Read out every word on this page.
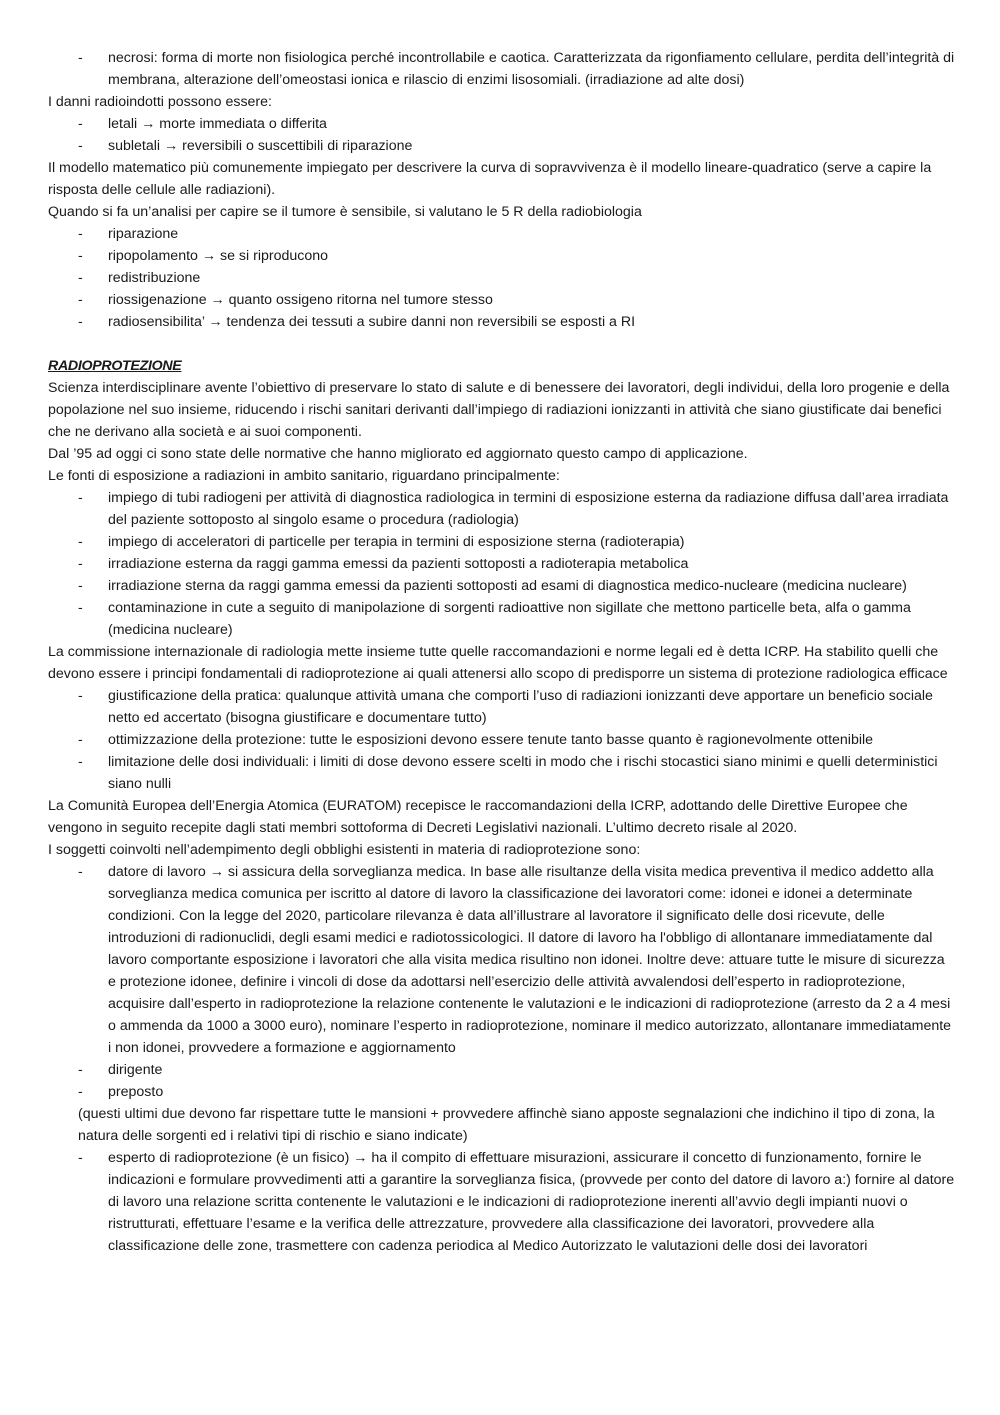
- necrosi: forma di morte non fisiologica perché incontrollabile e caotica. Caratterizzata da rigonfiamento cellulare, perdita dell’integrità di membrana, alterazione dell’omeostasi ionica e rilascio di enzimi lisosomiali. (irradiazione ad alte dosi)

I danni radioindotti possono essere:

- letali → morte immediata o differita
- subletali → reversibili o suscettibili di riparazione

Il modello matematico più comunemente impiegato per descrivere la curva di sopravvivenza è il modello lineare-quadratico (serve a capire la risposta delle cellule alle radiazioni).

Quando si fa un’analisi per capire se il tumore è sensibile, si valutano le 5 R della radiobiologia

- riparazione
- ripopolamento → se si riproducono
- redistribuzione
- riossigenazione → quanto ossigeno ritorna nel tumore stesso
- radiosensibilita’ → tendenza dei tessuti a subire danni non reversibili se esposti a RI

RADIOPROTEZIONE

Scienza interdisciplinare avente l’obiettivo di preservare lo stato di salute e di benessere dei lavoratori, degli individui, della loro progenie e della popolazione nel suo insieme, riducendo i rischi sanitari derivanti dall’impiego di radiazioni ionizzanti in attività che siano giustificate dai benefici che ne derivano alla società e ai suoi componenti.

Dal ’95 ad oggi ci sono state delle normative che hanno migliorato ed aggiornato questo campo di applicazione.

Le fonti di esposizione a radiazioni in ambito sanitario, riguardano principalmente:

- impiego di tubi radiogeni per attività di diagnostica radiologica in termini di esposizione esterna da radiazione diffusa dall’area irradiata del paziente sottoposto al singolo esame o procedura (radiologia)
- impiego di acceleratori di particelle per terapia in termini di esposizione sterna (radioterapia)
- irradiazione esterna da raggi gamma emessi da pazienti sottoposti a radioterapia metabolica
- irradiazione sterna da raggi gamma emessi da pazienti sottoposti ad esami di diagnostica medico-nucleare (medicina nucleare)
- contaminazione in cute a seguito di manipolazione di sorgenti radioattive non sigillate che mettono particelle beta, alfa o gamma (medicina nucleare)

La commissione internazionale di radiologia mette insieme tutte quelle raccomandazioni e norme legali ed è detta ICRP. Ha stabilito quelli che devono essere i principi fondamentali di radioprotezione ai quali attenersi allo scopo di predisporre un sistema di protezione radiologica efficace

- giustificazione della pratica: qualunque attività umana che comporti l’uso di radiazioni ionizzanti deve apportare un beneficio sociale netto ed accertato (bisogna giustificare e documentare tutto)
- ottimizzazione della protezione: tutte le esposizioni devono essere tenute tanto basse quanto è ragionevolmente ottenibile
- limitazione delle dosi individuali: i limiti di dose devono essere scelti in modo che i rischi stocastici siano minimi e quelli deterministici siano nulli

La Comunità Europea dell’Energia Atomica (EURATOM) recepisce le raccomandazioni della ICRP, adottando delle Direttive Europee che vengono in seguito recepite dagli stati membri sottoforma di Decreti Legislativi nazionali. L’ultimo decreto risale al 2020.

I soggetti coinvolti nell’adempimento degli obblighi esistenti in materia di radioprotezione sono:

- datore di lavoro → si assicura della sorveglianza medica. In base alle risultanze della visita medica preventiva il medico addetto alla sorveglianza medica comunica per iscritto al datore di lavoro la classificazione dei lavoratori come: idonei e idonei a determinate condizioni. Con la legge del 2020, particolare rilevanza è data all’illustrare al lavoratore il significato delle dosi ricevute, delle introduzioni di radionuclidi, degli esami medici e radiotossicologici. Il datore di lavoro ha l'obbligo di allontanare immediatamente dal lavoro comportante esposizione i lavoratori che alla visita medica risultino non idonei. Inoltre deve: attuare tutte le misure di sicurezza e protezione idonee, definire i vincoli di dose da adottarsi nell’esercizio delle attività avvalendosi dell’esperto in radioprotezione, acquisire dall’esperto in radioprotezione la relazione contenente le valutazioni e le indicazioni di radioprotezione (arresto da 2 a 4 mesi o ammenda da 1000 a 3000 euro), nominare l’esperto in radioprotezione, nominare il medico autorizzato, allontanare immediatamente i non idonei, provvedere a formazione e aggiornamento
- dirigente
- preposto

(questi ultimi due devono far rispettare tutte le mansioni + provvedere affinchè siano apposte segnalazioni che indichino il tipo di zona, la natura delle sorgenti ed i relativi tipi di rischio e siano indicate)

- esperto di radioprotezione (è un fisico) → ha il compito di effettuare misurazioni, assicurare il concetto di funzionamento, fornire le indicazioni e formulare provvedimenti atti a garantire la sorveglianza fisica, (provvede per conto del datore di lavoro a:) fornire al datore di lavoro una relazione scritta contenente le valutazioni e le indicazioni di radioprotezione inerenti all’avvio degli impianti nuovi o ristrutturati, effettuare l’esame e la verifica delle attrezzature, provvedere alla classificazione dei lavoratori, provvedere alla classificazione delle zone, trasmettere con cadenza periodica al Medico Autorizzato le valutazioni delle dosi dei lavoratori
